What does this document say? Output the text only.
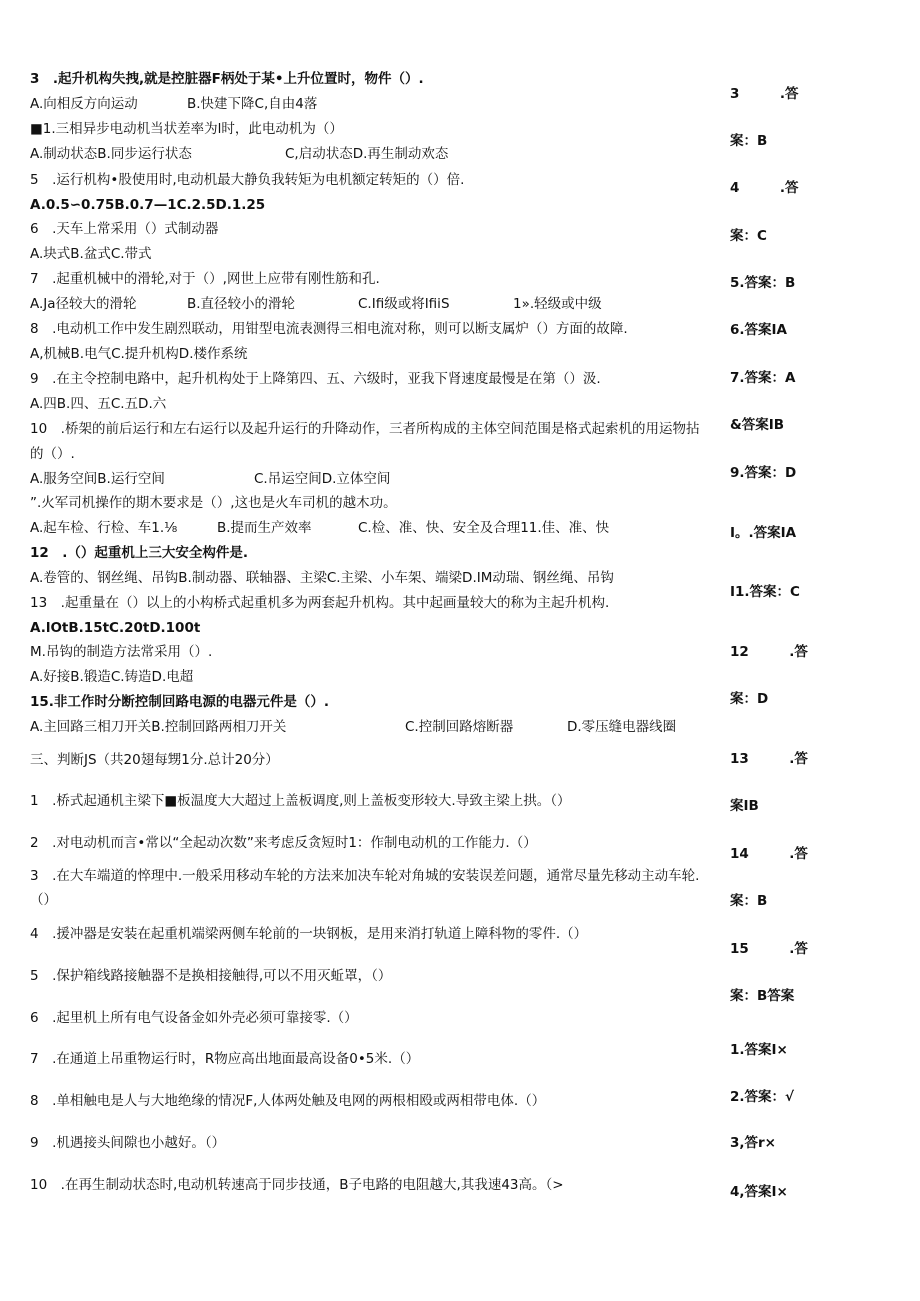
3　.起升机构失拽,就是控脏器F柄处于某•上升位置时，物件（）.
A.向相反方向运动	B.快建下降C,自由4落
■1.三相异步电动机当状差率为l时，此电动机为（）
A.制动状态B.同步运行状态	C,启动状态D.再生制动欢态
5　.运行机构•股使用时,电动机最大静负我转矩为电机额定转矩的（）倍.
A.0.5∽0.75B.0.7—1C.2.5D.1.25
6　.天车上常采用（）式制动器
A.块式B.盆式C.带式
7　.起重机械中的滑轮,对于（）,网世上应带有刚性筋和孔.
A.Ja径较大的滑轮	B.直径较小的滑轮	C.Ifi级或将IfiiS	1».轻级或中级
8　.电动机工作中发生剧烈联动，用钳型电流表测得三相电流对称，则可以断支属炉（）方面的故障.
A,机械B.电气C.提升机构D.楼作系统
9　.在主令控制电路中，起升机构处于上降第四、五、六级时，亚我下肾速度最慢是在第（）汲.
A.四B.四、五C.五D.六
10　.桥架的前后运行和左右运行以及起升运行的升降动作，三者所构成的主体空间范围是格式起索机的用运物拈
的（）.
A.服务空间B.运行空间	C.吊运空间D.立体空间
”.火军司机操作的期木要求是（）,这也是火车司机的越木功。
A.起车检、行检、车1.⅛	B.提而生产效率	C.检、准、快、安全及合理11.佳、准、快
12　.（）起重机上三大安全构件是.
A.卷管的、钢丝绳、吊钩B.制动器、联轴器、主梁C.主梁、小车架、端梁D.IM动瑞、钢丝绳、吊钩
13　.起重量在（）以上的小构桥式起重机多为两套起升机构。其中起画量较大的称为主起升机构.
A.lOtB.15tC.20tD.100t
M.吊钩的制造方法常采用（）.
A.好接B.锻造C.铸造D.电超
15.非工作时分断控制回路电源的电器元件是（）.
A.主回路三相刀开关B.控制回路两相刀开关	C.控制回路熔断器	D.零压缝电器线圈
三、判断JS（共20翅每甥1分.总计20分）
1　.桥式起通机主梁下■板温度大大超过上盖板调度,则上盖板变形较大.导致主梁上拱。（）
2　.对电动机而言•常以“全起动次数”来考虑反贪短时1：作制电动机的工作能力.（）
3　.在大车端道的悴理中.一般采用移动车轮的方法来加决车轮对角城的安装误差问题，通常尽量先移动主动车轮.
（）
4　.援冲器是安装在起重机端梁两侧车轮前的一块钢板，是用来消打轨道上障科物的零件.（）
5　.保护箱线路接触器不是换相接触得,可以不用灭蚯罩，（）
6　.起里机上所有电气设备金如外壳必须可靠接零.（）
7　.在通道上吊重物运行时，R物应高出地面最高设备0•5米.（）
8　.单相触电是人与大地绝缘的情况F,人体两处触及电网的两根相殴或两相带电体.（）
9　.机遇接头间隙也小越好。（）
10　.在再生制动状态时,电动机转速高于同步技通，B子电路的电阻越大,其我速43高。（>
3　　　.答
案：B
4　　　.答
案：C
5.答案：B
6.答案IA
7.答案：A
&答案IB
9.答案：D
I。.答案IA
I1.答案：C
12　　　.答
案：D
13　　　.答
案IB
14　　　.答
案：B
15　　　.答
案：B答案
1.答案I×
2.答案：√
3,答r×
4,答案I×
